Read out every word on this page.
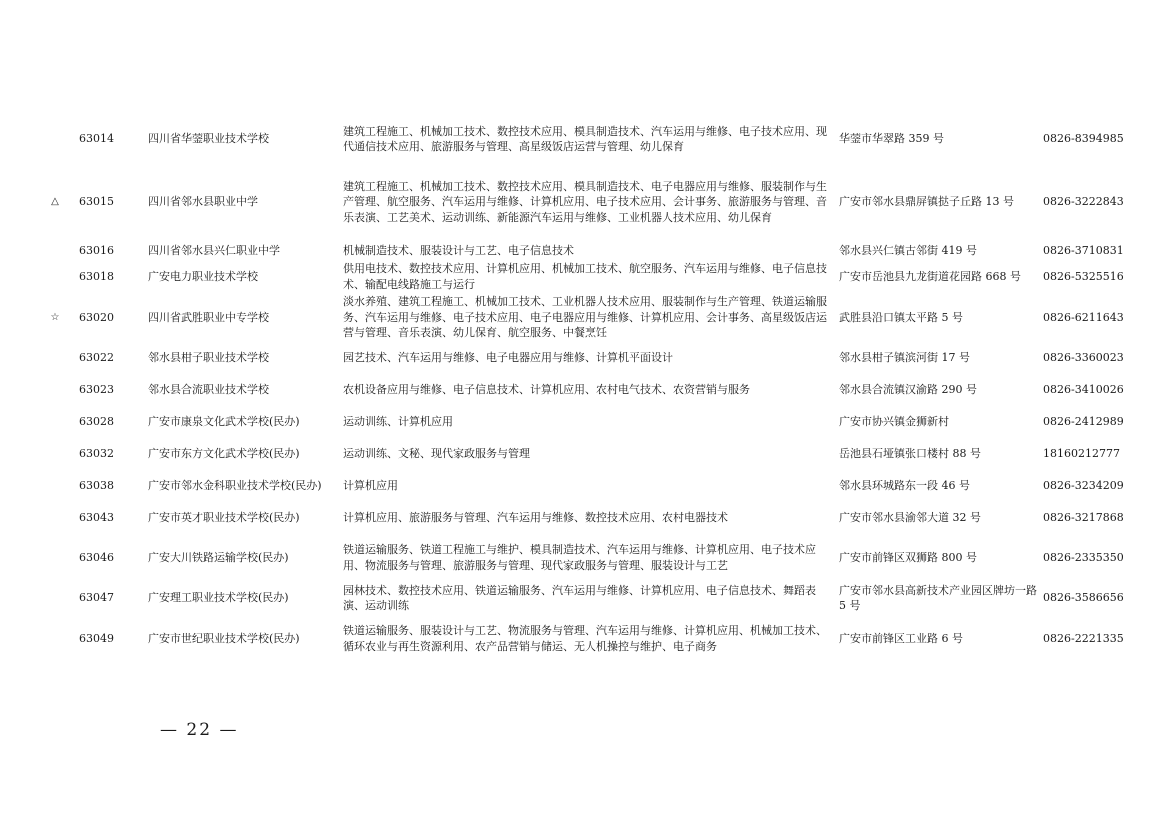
	63014	四川省华蓥职业技术学校	建筑工程施工、机械加工技术、数控技术应用、模具制造技术、汽车运用与维修、电子技术应用、现代通信技术应用、旅游服务与管理、高星级饭店运营与管理、幼儿保育	华蓥市华翠路 359 号	0826-8394985
△	63015	四川省邻水县职业中学	建筑工程施工、机械加工技术、数控技术应用、模具制造技术、电子电器应用与维修、服装制作与生产管理、航空服务、汽车运用与维修、计算机应用、电子技术应用、会计事务、旅游服务与管理、音乐表演、工艺美术、运动训练、新能源汽车运用与维修、工业机器人技术应用、幼儿保育	广安市邻水县鼎屏镇挞子丘路 13 号	0826-3222843
	63016	四川省邻水县兴仁职业中学	机械制造技术、服装设计与工艺、电子信息技术	邻水县兴仁镇古邻街 419 号	0826-3710831
	63018	广安电力职业技术学校	供用电技术、数控技术应用、计算机应用、机械加工技术、航空服务、汽车运用与维修、电子信息技术、输配电线路施工与运行	广安市岳池县九龙街道花园路 668 号	0826-5325516
☆	63020	四川省武胜职业中专学校	淡水养殖、建筑工程施工、机械加工技术、工业机器人技术应用、服装制作与生产管理、铁道运输服务、汽车运用与维修、电子技术应用、电子电器应用与维修、计算机应用、会计事务、高星级饭店运营与管理、音乐表演、幼儿保育、航空服务、中餐烹饪	武胜县沿口镇太平路 5 号	0826-6211643
	63022	邻水县柑子职业技术学校	园艺技术、汽车运用与维修、电子电器应用与维修、计算机平面设计	邻水县柑子镇滨河街 17 号	0826-3360023
	63023	邻水县合流职业技术学校	农机设备应用与维修、电子信息技术、计算机应用、农村电气技术、农资营销与服务	邻水县合流镇汉渝路 290 号	0826-3410026
	63028	广安市康泉文化武术学校(民办)	运动训练、计算机应用	广安市协兴镇金狮新村	0826-2412989
	63032	广安市东方文化武术学校(民办)	运动训练、文秘、现代家政服务与管理	岳池县石垭镇张口楼村 88 号	18160212777
	63038	广安市邻水金科职业技术学校(民办)	计算机应用	邻水县环城路东一段 46 号	0826-3234209
	63043	广安市英才职业技术学校(民办)	计算机应用、旅游服务与管理、汽车运用与维修、数控技术应用、农村电器技术	广安市邻水县渝邻大道 32 号	0826-3217868
	63046	广安大川铁路运输学校(民办)	铁道运输服务、铁道工程施工与维护、模具制造技术、汽车运用与维修、计算机应用、电子技术应用、物流服务与管理、旅游服务与管理、现代家政服务与管理、服装设计与工艺	广安市前锋区双狮路 800 号	0826-2335350
	63047	广安理工职业技术学校(民办)	园林技术、数控技术应用、铁道运输服务、汽车运用与维修、计算机应用、电子信息技术、舞蹈表演、运动训练	广安市邻水县高新技术产业园区牌坊一路 5 号	0826-3586656
	63049	广安市世纪职业技术学校(民办)	铁道运输服务、服装设计与工艺、物流服务与管理、汽车运用与维修、计算机应用、机械加工技术、循环农业与再生资源利用、农产品营销与储运、无人机操控与维护、电子商务	广安市前锋区工业路 6 号	0826-2221335
— 22 —
